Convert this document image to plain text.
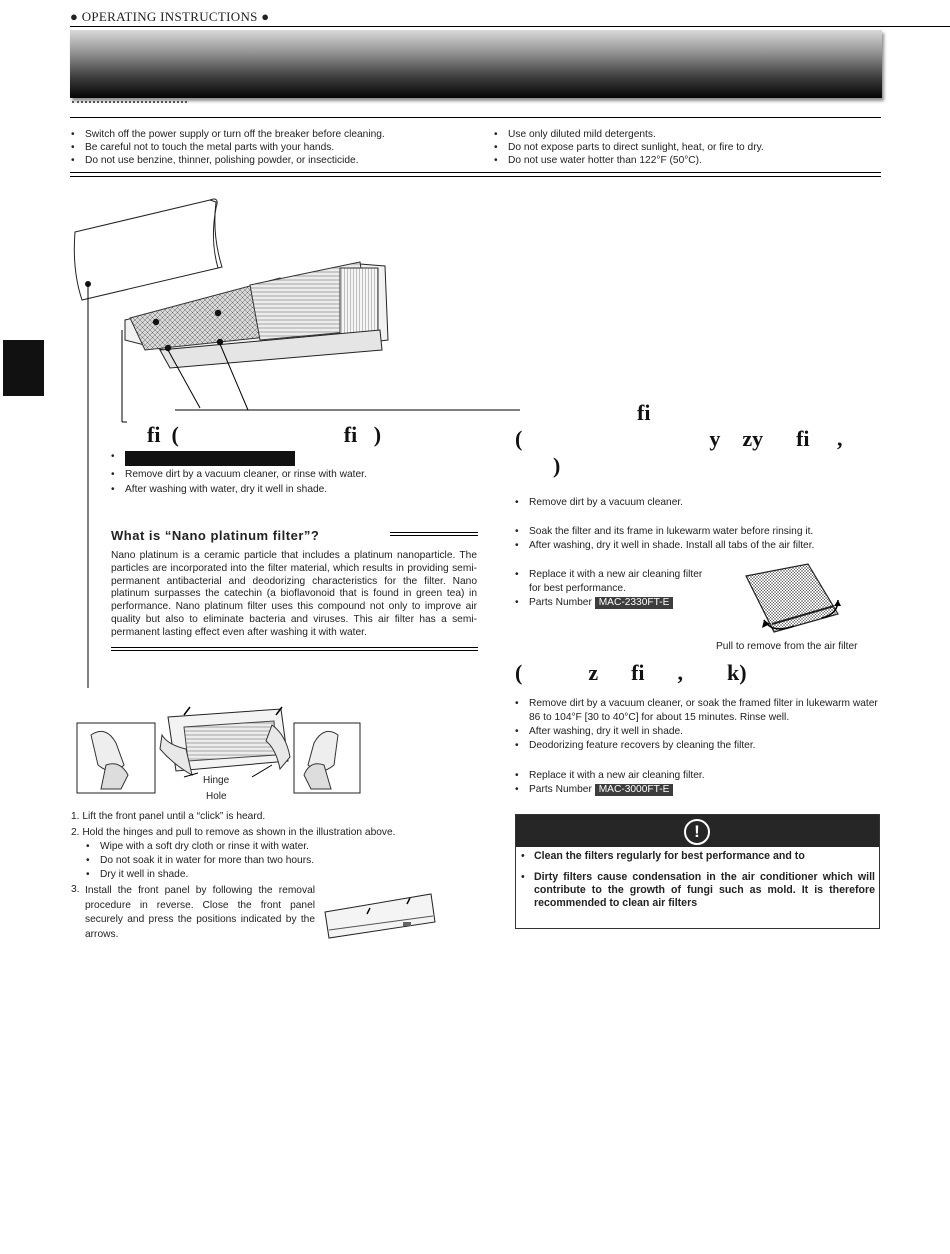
● OPERATING INSTRUCTIONS ●
• Switch off the power supply or turn off the breaker before cleaning.
• Be careful not to touch the metal parts with your hands.
• Do not use benzine, thinner, polishing powder, or insecticide.
• Use only diluted mild detergents.
• Do not expose parts to direct sunlight, heat, or fire to dry.
• Do not use water hotter than 122°F (50°C).
fi  (                              fi   )
•
• Remove dirt by a vacuum cleaner, or rinse with water.
• After washing with water, dry it well in shade.
What is “Nano platinum filter”?
Nano platinum is a ceramic particle that includes a platinum nanoparticle. The particles are incorporated into the filter material, which results in providing semi-permanent antibacterial and deodorizing characteristics for the filter. Nano platinum surpasses the catechin (a bioflavonoid that is found in green tea) in performance. Nano platinum filter uses this compound not only to improve air quality but also to eliminate bacteria and viruses. This air filter has a semi-permanent lasting effect even after washing it with water.
Hinge
Hole
1. Lift the front panel until a “click” is heard.
2. Hold the hinges and pull to remove as shown in the illustration above.
• Wipe with a soft dry cloth or rinse it with water.
• Do not soak it in water for more than two hours.
• Dry it well in shade.
3. Install the front panel by following the removal procedure in reverse. Close the front panel securely and press the positions indicated by the arrows.
fi
(                                  y    zy      fi     ,
)
• Remove dirt by a vacuum cleaner.
• Soak the filter and its frame in lukewarm water before rinsing it.
• After washing, dry it well in shade. Install all tabs of the air filter.
• Replace it with a new air cleaning filter for best performance.
• Parts Number MAC-2330FT-E
Pull to remove from the air filter
(            z      fi      ,        k)
• Remove dirt by a vacuum cleaner, or soak the framed filter in lukewarm water 86 to 104°F [30 to 40°C] for about 15 minutes. Rinse well.
• After washing, dry it well in shade.
• Deodorizing feature recovers by cleaning the filter.
• Replace it with a new air cleaning filter.
• Parts Number MAC-3000FT-E
!

• Clean the filters regularly for best performance and to

• Dirty filters cause condensation in the air conditioner which will contribute to the growth of fungi such as mold. It is therefore recommended to clean air filters
